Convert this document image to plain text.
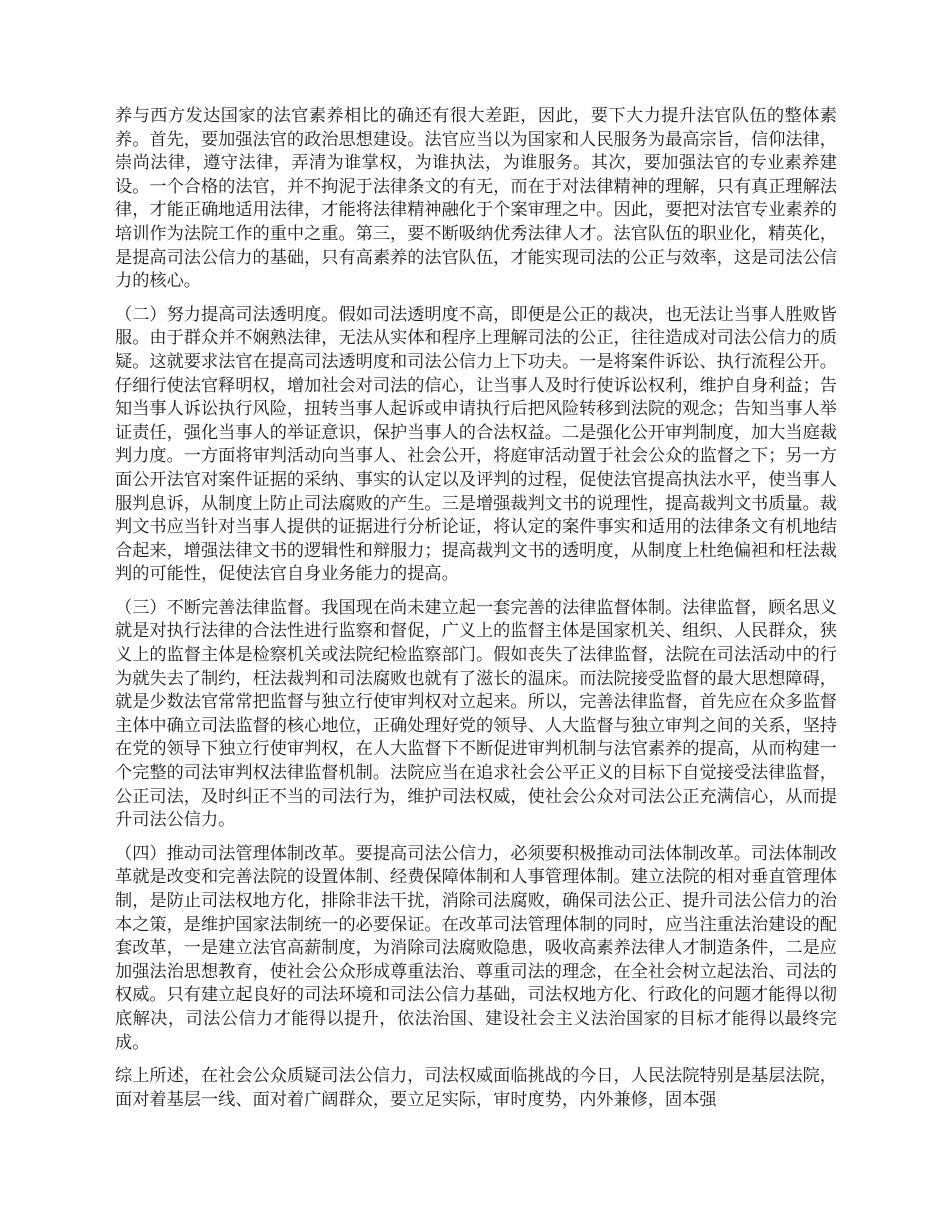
养与西方发达国家的法官素养相比的确还有很大差距，因此，要下大力提升法官队伍的整体素养。首先，要加强法官的政治思想建设。法官应当以为国家和人民服务为最高宗旨，信仰法律，崇尚法律，遵守法律，弄清为谁掌权，为谁执法，为谁服务。其次，要加强法官的专业素养建设。一个合格的法官，并不拘泥于法律条文的有无，而在于对法律精神的理解，只有真正理解法律，才能正确地适用法律，才能将法律精神融化于个案审理之中。因此，要把对法官专业素养的培训作为法院工作的重中之重。第三，要不断吸纳优秀法律人才。法官队伍的职业化，精英化，是提高司法公信力的基础，只有高素养的法官队伍，才能实现司法的公正与效率，这是司法公信力的核心。

（二）努力提高司法透明度。假如司法透明度不高，即便是公正的裁决，也无法让当事人胜败皆服。由于群众并不娴熟法律，无法从实体和程序上理解司法的公正，往往造成对司法公信力的质疑。这就要求法官在提高司法透明度和司法公信力上下功夫。一是将案件诉讼、执行流程公开。仔细行使法官释明权，增加社会对司法的信心，让当事人及时行使诉讼权利，维护自身利益；告知当事人诉讼执行风险，扭转当事人起诉或申请执行后把风险转移到法院的观念；告知当事人举证责任，强化当事人的举证意识，保护当事人的合法权益。二是强化公开审判制度，加大当庭裁判力度。一方面将审判活动向当事人、社会公开，将庭审活动置于社会公众的监督之下；另一方面公开法官对案件证据的采纳、事实的认定以及评判的过程，促使法官提高执法水平，使当事人服判息诉，从制度上防止司法腐败的产生。三是增强裁判文书的说理性，提高裁判文书质量。裁判文书应当针对当事人提供的证据进行分析论证，将认定的案件事实和适用的法律条文有机地结合起来，增强法律文书的逻辑性和辩服力；提高裁判文书的透明度，从制度上杜绝偏袒和枉法裁判的可能性，促使法官自身业务能力的提高。

（三）不断完善法律监督。我国现在尚未建立起一套完善的法律监督体制。法律监督，顾名思义就是对执行法律的合法性进行监察和督促，广义上的监督主体是国家机关、组织、人民群众，狭义上的监督主体是检察机关或法院纪检监察部门。假如丧失了法律监督，法院在司法活动中的行为就失去了制约，枉法裁判和司法腐败也就有了滋长的温床。而法院接受监督的最大思想障碍，就是少数法官常常把监督与独立行使审判权对立起来。所以，完善法律监督，首先应在众多监督主体中确立司法监督的核心地位，正确处理好党的领导、人大监督与独立审判之间的关系，坚持在党的领导下独立行使审判权，在人大监督下不断促进审判机制与法官素养的提高，从而构建一个完整的司法审判权法律监督机制。法院应当在追求社会公平正义的目标下自觉接受法律监督，公正司法，及时纠正不当的司法行为，维护司法权威，使社会公众对司法公正充满信心，从而提升司法公信力。

（四）推动司法管理体制改革。要提高司法公信力，必须要积极推动司法体制改革。司法体制改革就是改变和完善法院的设置体制、经费保障体制和人事管理体制。建立法院的相对垂直管理体制，是防止司法权地方化，排除非法干扰，消除司法腐败，确保司法公正、提升司法公信力的治本之策，是维护国家法制统一的必要保证。在改革司法管理体制的同时，应当注重法治建设的配套改革，一是建立法官高薪制度，为消除司法腐败隐患，吸收高素养法律人才制造条件，二是应加强法治思想教育，使社会公众形成尊重法治、尊重司法的理念，在全社会树立起法治、司法的权威。只有建立起良好的司法环境和司法公信力基础，司法权地方化、行政化的问题才能得以彻底解决，司法公信力才能得以提升，依法治国、建设社会主义法治国家的目标才能得以最终完成。

综上所述，在社会公众质疑司法公信力，司法权威面临挑战的今日，人民法院特别是基层法院，面对着基层一线、面对着广阔群众，要立足实际，审时度势，内外兼修，固本强
